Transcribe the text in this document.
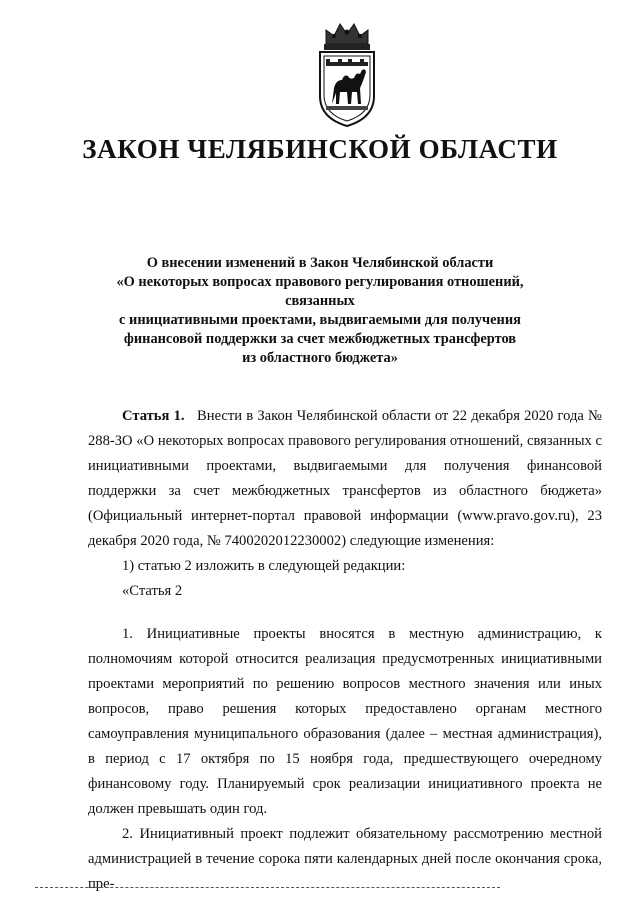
ЗАКОН ЧЕЛЯБИНСКОЙ ОБЛАСТИ
О внесении изменений в Закон Челябинской области
«О некоторых вопросах правового регулирования отношений, связанных
с инициативными проектами, выдвигаемыми для получения
финансовой поддержки за счет межбюджетных трансфертов
из областного бюджета»

Статья 1. Внести в Закон Челябинской области от 22 декабря 2020 года № 288-ЗО «О некоторых вопросах правового регулирования отношений, связанных с инициативными проектами, выдвигаемыми для получения финансовой поддержки за счет межбюджетных трансфертов из областного бюджета» (Официальный интернет-портал правовой информации (www.pravo.gov.ru), 23 декабря 2020 года, № 7400202012230002) следующие изменения:

1) статью 2 изложить в следующей редакции:

«Статья 2

1. Инициативные проекты вносятся в местную администрацию, к полномочиям которой относится реализация предусмотренных инициативными проектами мероприятий по решению вопросов местного значения или иных вопросов, право решения которых предоставлено органам местного самоуправления муниципального образования (далее – местная администрация), в период с 17 октября по 15 ноября года, предшествующего очередному финансовому году. Планируемый срок реализации инициативного проекта не должен превышать один год.

2. Инициативный проект подлежит обязательному рассмотрению местной администрацией в течение сорока пяти календарных дней после окончания срока, пре-
